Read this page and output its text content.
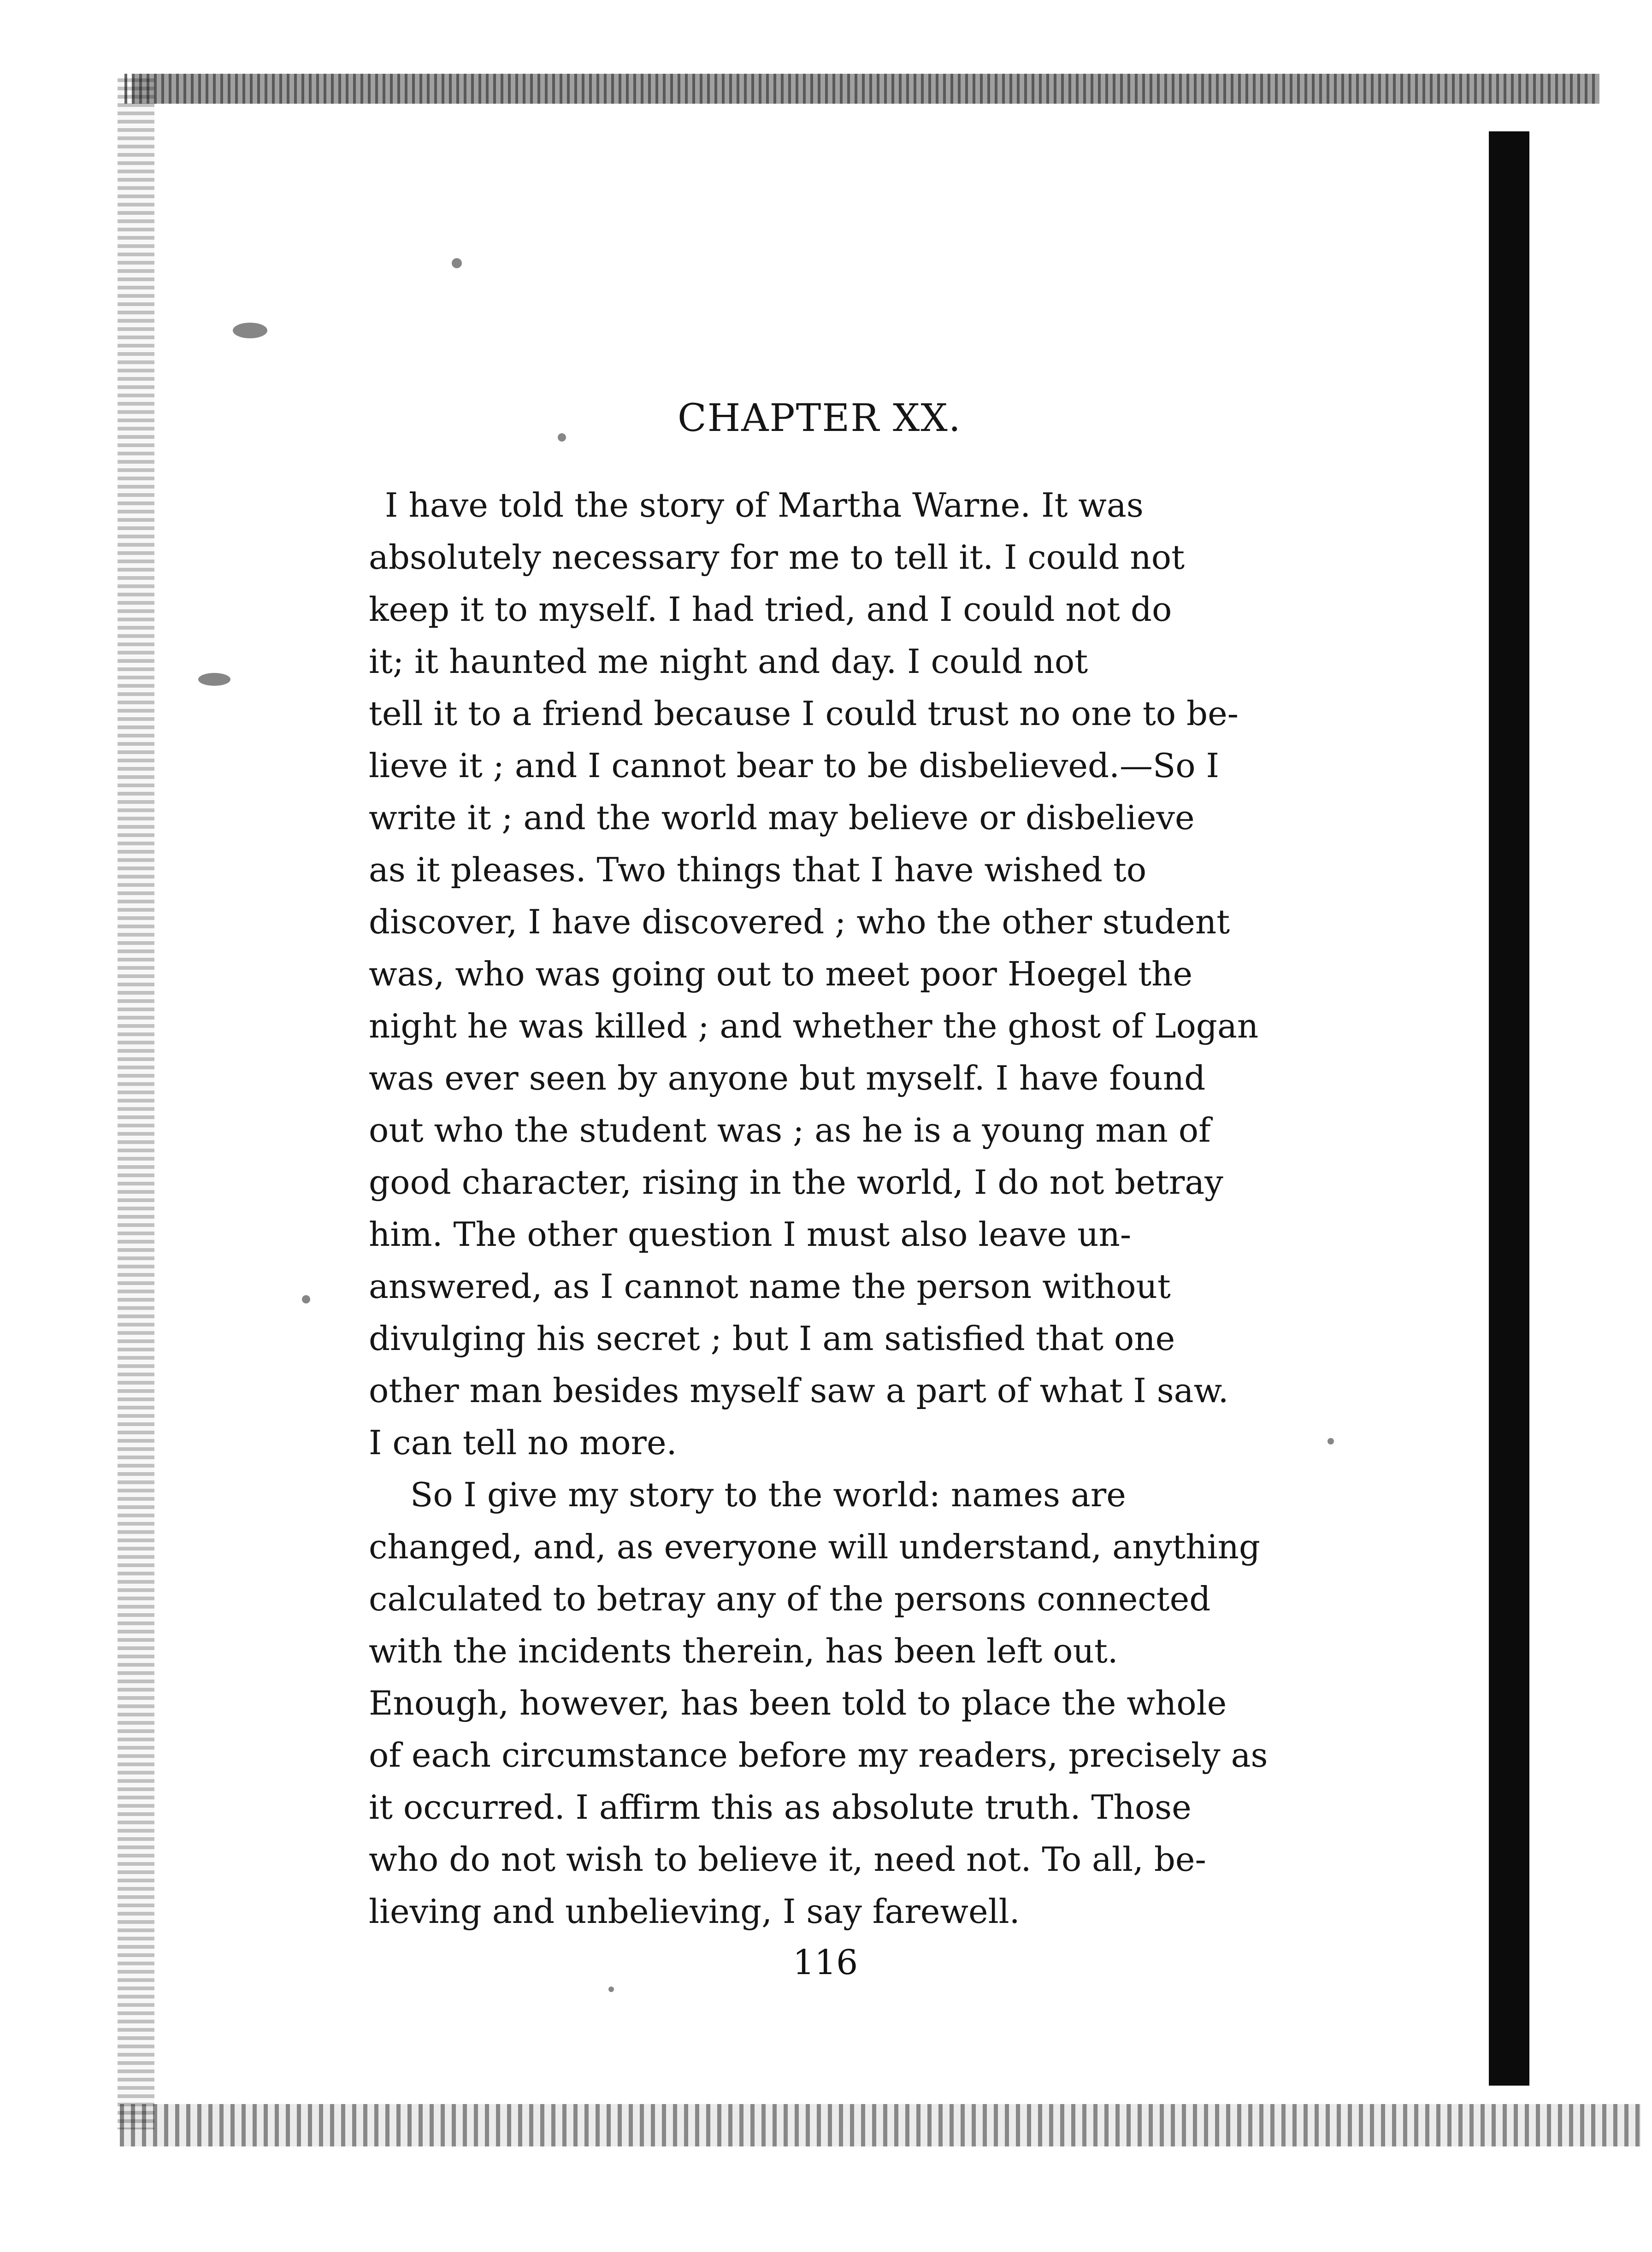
CHAPTER XX.
I have told the story of Martha Warne. It was
absolutely necessary for me to tell it. I could not
keep it to myself. I had tried, and I could not do
it; it haunted me night and day. I could not
tell it to a friend because I could trust no one to be-
lieve it ; and I cannot bear to be disbelieved.—So I
write it ; and the world may believe or disbelieve
as it pleases. Two things that I have wished to
discover, I have discovered ; who the other student
was, who was going out to meet poor Hoegel the
night he was killed ; and whether the ghost of Logan
was ever seen by anyone but myself. I have found
out who the student was ; as he is a young man of
good character, rising in the world, I do not betray
him. The other question I must also leave un-
answered, as I cannot name the person without
divulging his secret ; but I am satisfied that one
other man besides myself saw a part of what I saw.
I can tell no more.
So I give my story to the world: names are
changed, and, as everyone will understand, anything
calculated to betray any of the persons connected
with the incidents therein, has been left out.
Enough, however, has been told to place the whole
of each circumstance before my readers, precisely as
it occurred. I affirm this as absolute truth. Those
who do not wish to believe it, need not. To all, be-
lieving and unbelieving, I say farewell.
116
